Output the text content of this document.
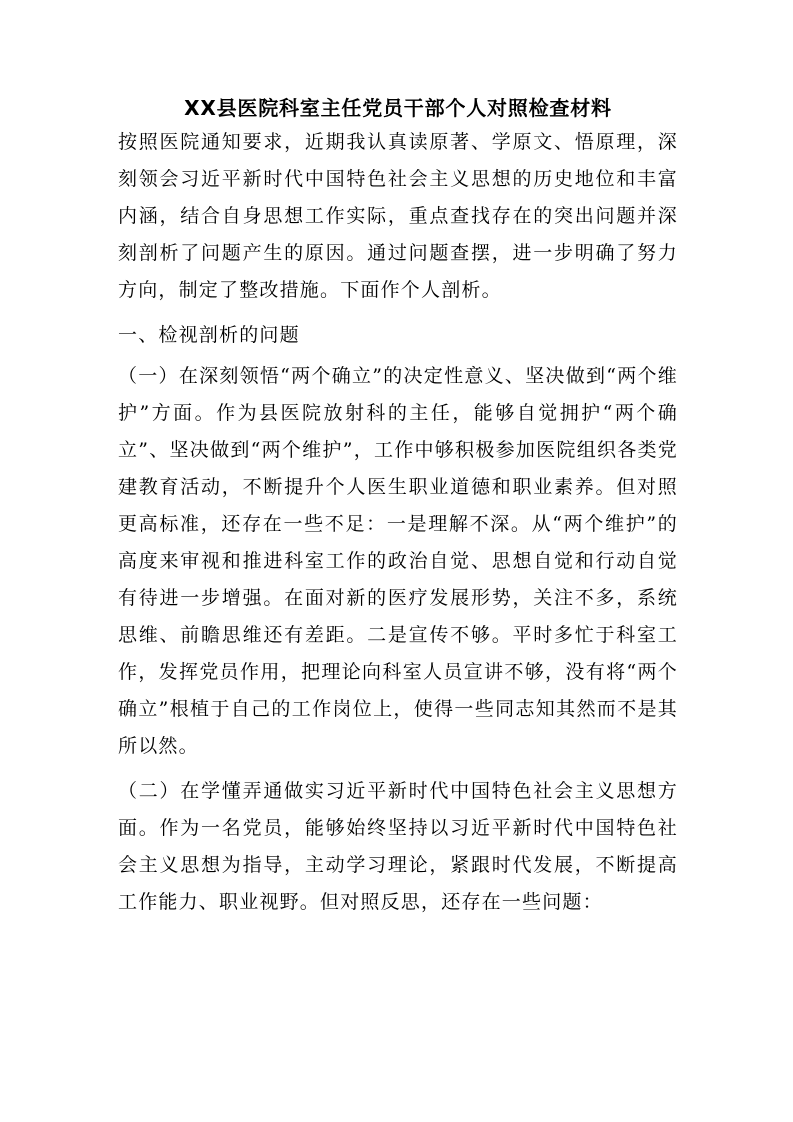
XX县医院科室主任党员干部个人对照检查材料

按照医院通知要求，近期我认真读原著、学原文、悟原理，深刻领会习近平新时代中国特色社会主义思想的历史地位和丰富内涵，结合自身思想工作实际，重点查找存在的突出问题并深刻剖析了问题产生的原因。通过问题查摆，进一步明确了努力方向，制定了整改措施。下面作个人剖析。

一、检视剖析的问题

（一）在深刻领悟“两个确立”的决定性意义、坚决做到“两个维护”方面。作为县医院放射科的主任，能够自觉拥护“两个确立”、坚决做到“两个维护”，工作中够积极参加医院组织各类党建教育活动，不断提升个人医生职业道德和职业素养。但对照更高标准，还存在一些不足：一是理解不深。从“两个维护”的高度来审视和推进科室工作的政治自觉、思想自觉和行动自觉有待进一步增强。在面对新的医疗发展形势，关注不多，系统思维、前瞻思维还有差距。二是宣传不够。平时多忙于科室工作，发挥党员作用，把理论向科室人员宣讲不够，没有将“两个确立”根植于自己的工作岗位上，使得一些同志知其然而不是其所以然。

（二）在学懂弄通做实习近平新时代中国特色社会主义思想方面。作为一名党员，能够始终坚持以习近平新时代中国特色社会主义思想为指导，主动学习理论，紧跟时代发展，不断提高工作能力、职业视野。但对照反思，还存在一些问题：
